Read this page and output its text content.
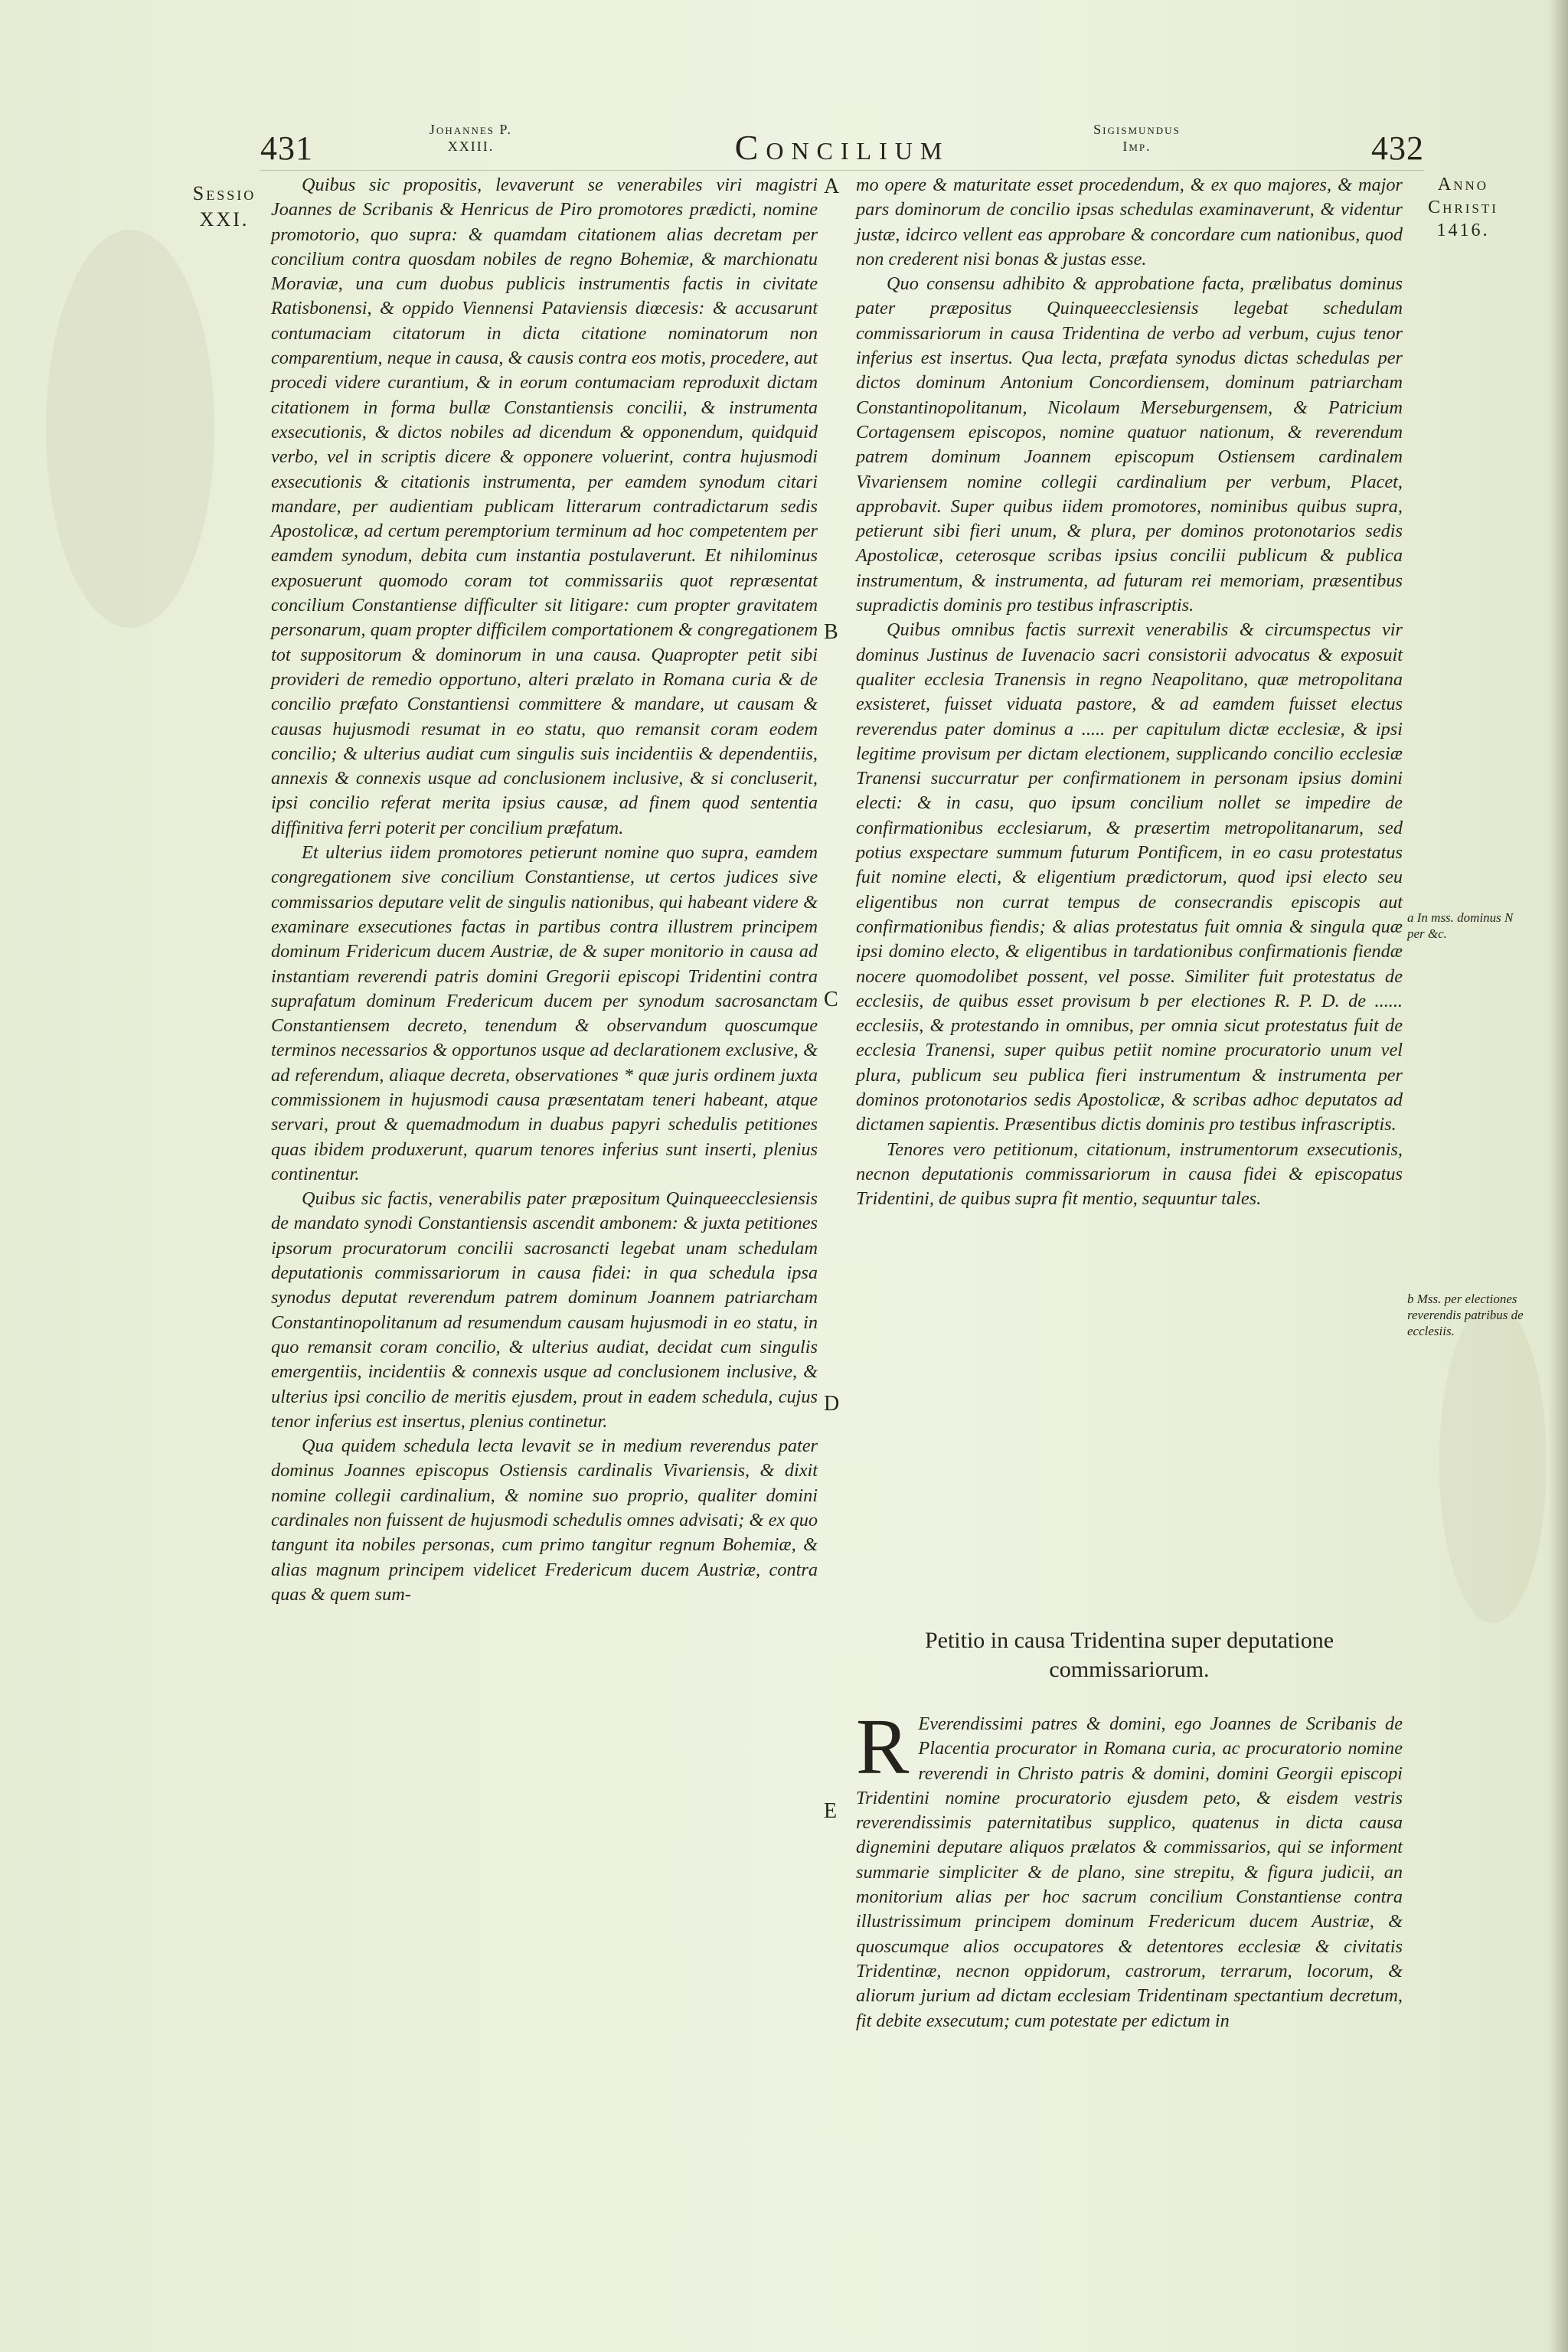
431	Johannes P. XXIII.	Concilium	Sigismundus Imp.	432
Sessio XXI.
Anno Christi 1416.

Quibus sic propositis, levaverunt se venerabiles viri magistri Joannes de Scribanis & Henricus de Piro promotores prædicti, nomine promotorio, quo supra: & quamdam citationem alias decretam per concilium contra quosdam nobiles de regno Bohemiæ, & marchionatu Moraviæ, una cum duobus publicis instrumentis factis in civitate Ratisbonensi, & oppido Viennensi Pataviensis diœcesis: & accusarunt contumaciam citatorum in dicta citatione nominatorum non comparentium, neque in causa, & causis contra eos motis, procedere, aut procedi videre curantium, & in eorum contumaciam reproduxit dictam citationem in forma bullæ Constantiensis concilii, & instrumenta exsecutionis, & dictos nobiles ad dicendum & opponendum, quidquid verbo, vel in scriptis dicere & opponere voluerint, contra hujusmodi exsecutionis & citationis instrumenta, per eamdem synodum citari mandare, per audientiam publicam litterarum contradictarum sedis Apostolicæ, ad certum peremptorium terminum ad hoc competentem per eamdem synodum, debita cum instantia postulaverunt. Et nihilominus exposuerunt quomodo coram tot commissariis quot repræsentat concilium Constantiense difficulter sit litigare: cum propter gravitatem personarum, quam propter difficilem comportationem & congregationem tot suppositorum & dominorum in una causa. Quapropter petit sibi provideri de remedio opportuno, alteri prælato in Romana curia & de concilio præfato Constantiensi committere & mandare, ut causam & causas hujusmodi resumat in eo statu, quo remansit coram eodem concilio; & ulterius audiat cum singulis suis incidentiis & dependentiis, annexis & connexis usque ad conclusionem inclusive, & si concluserit, ipsi concilio referat merita ipsius causæ, ad finem quod sententia diffinitiva ferri poterit per concilium præfatum.

Et ulterius iidem promotores petierunt nomine quo supra, eamdem congregationem sive concilium Constantiense, ut certos judices sive commissarios deputare velit de singulis nationibus, qui habeant videre & examinare exsecutiones factas in partibus contra illustrem principem dominum Fridericum ducem Austriæ, de & super monitorio in causa ad instantiam reverendi patris domini Gregorii episcopi Tridentini contra suprafatum dominum Fredericum ducem per synodum sacrosanctam Constantiensem decreto, tenendum & observandum quoscumque terminos necessarios & opportunos usque ad declarationem exclusive, & ad referendum, aliaque decreta, observationes * quæ juris ordinem juxta commissionem in hujusmodi causa præsentatam teneri habeant, atque servari, prout & quemadmodum in duabus papyri schedulis petitiones quas ibidem produxerunt, quarum tenores inferius sunt inserti, plenius continentur.

Quibus sic factis, venerabilis pater præpositum Quinqueecclesiensis de mandato synodi Constantiensis ascendit ambonem: & juxta petitiones ipsorum procuratorum concilii sacrosancti legebat unam schedulam deputationis commissariorum in causa fidei: in qua schedula ipsa synodus deputat reverendum patrem dominum Joannem patriarcham Constantinopolitanum ad resumendum causam hujusmodi in eo statu, in quo remansit coram concilio, & ulterius audiat, decidat cum singulis emergentiis, incidentiis & connexis usque ad conclusionem inclusive, & ulterius ipsi concilio de meritis ejusdem, prout in eadem schedula, cujus tenor inferius est insertus, plenius continetur.

Qua quidem schedula lecta levavit se in medium reverendus pater dominus Joannes episcopus Ostiensis cardinalis Vivariensis, & dixit nomine collegii cardinalium, & nomine suo proprio, qualiter domini cardinales non fuissent de hujusmodi schedulis omnes advisati; & ex quo tangunt ita nobiles personas, cum primo tangitur regnum Bohemiæ, & alias magnum principem videlicet Fredericum ducem Austriæ, contra quas & quem sum-

A
B
C
D
E

mo opere & maturitate esset procedendum, & ex quo majores, & major pars dominorum de concilio ipsas schedulas examinaverunt, & videntur justæ, idcirco vellent eas approbare & concordare cum nationibus, quod non crederent nisi bonas & justas esse.

Quo consensu adhibito & approbatione facta, prælibatus dominus pater præpositus Quinqueecclesiensis legebat schedulam commissariorum in causa Tridentina de verbo ad verbum, cujus tenor inferius est insertus. Qua lecta, præfata synodus dictas schedulas per dictos dominum Antonium Concordiensem, dominum patriarcham Constantinopolitanum, Nicolaum Merseburgensem, & Patricium Cortagensem episcopos, nomine quatuor nationum, & reverendum patrem dominum Joannem episcopum Ostiensem cardinalem Vivariensem nomine collegii cardinalium per verbum, Placet, approbavit. Super quibus iidem promotores, nominibus quibus supra, petierunt sibi fieri unum, & plura, per dominos protonotarios sedis Apostolicæ, ceterosque scribas ipsius concilii publicum & publica instrumentum, & instrumenta, ad futuram rei memoriam, præsentibus supradictis dominis pro testibus infrascriptis.

Quibus omnibus factis surrexit venerabilis & circumspectus vir dominus Justinus de Iuvenacio sacri consistorii advocatus & exposuit qualiter ecclesia Tranensis in regno Neapolitano, quæ metropolitana exsisteret, fuisset viduata pastore, & ad eamdem fuisset electus reverendus pater dominus a ..... per capitulum dictæ ecclesiæ, & ipsi legitime provisum per dictam electionem, supplicando concilio ecclesiæ Tranensi succurratur per confirmationem in personam ipsius domini electi: & in casu, quo ipsum concilium nollet se impedire de confirmationibus ecclesiarum, & præsertim metropolitanarum, sed potius exspectare summum futurum Pontificem, in eo casu protestatus fuit nomine electi, & eligentium prædictorum, quod ipsi electo seu eligentibus non currat tempus de consecrandis episcopis aut confirmationibus fiendis; & alias protestatus fuit omnia & singula quæ ipsi domino electo, & eligentibus in tardationibus confirmationis fiendæ nocere quomodolibet possent, vel posse. Similiter fuit protestatus de ecclesiis, de quibus esset provisum b per electiones R. P. D. de ...... ecclesiis, & protestando in omnibus, per omnia sicut protestatus fuit de ecclesia Tranensi, super quibus petiit nomine procuratorio unum vel plura, publicum seu publica fieri instrumentum & instrumenta per dominos protonotarios sedis Apostolicæ, & scribas adhoc deputatos ad dictamen sapientis. Præsentibus dictis dominis pro testibus infrascriptis.

Tenores vero petitionum, citationum, instrumentorum exsecutionis, necnon deputationis commissariorum in causa fidei & episcopatus Tridentini, de quibus supra fit mentio, sequuntur tales.

Petitio in causa Tridentina super deputatione commissariorum.
R Everendissimi patres & domini, ego Joannes de Scribanis de Placentia procurator in Romana curia, ac procuratorio nomine reverendi in Christo patris & domini, domini Georgii episcopi Tridentini nomine procuratorio ejusdem peto, & eisdem vestris reverendissimis paternitatibus supplico, quatenus in dicta causa dignemini deputare aliquos prælatos & commissarios, qui se informent summarie simpliciter & de plano, sine strepitu, & figura judicii, an monitorium alias per hoc sacrum concilium Constantiense contra illustrissimum principem dominum Fredericum ducem Austriæ, & quoscumque alios occupatores & detentores ecclesiæ & civitatis Tridentinæ, necnon oppidorum, castrorum, terrarum, locorum, & aliorum jurium ad dictam ecclesiam Tridentinam spectantium decretum, fit debite exsecutum; cum potestate per edictum in
a In mss. dominus N per &c.
b Mss. per electiones reverendis patribus de ecclesiis.
